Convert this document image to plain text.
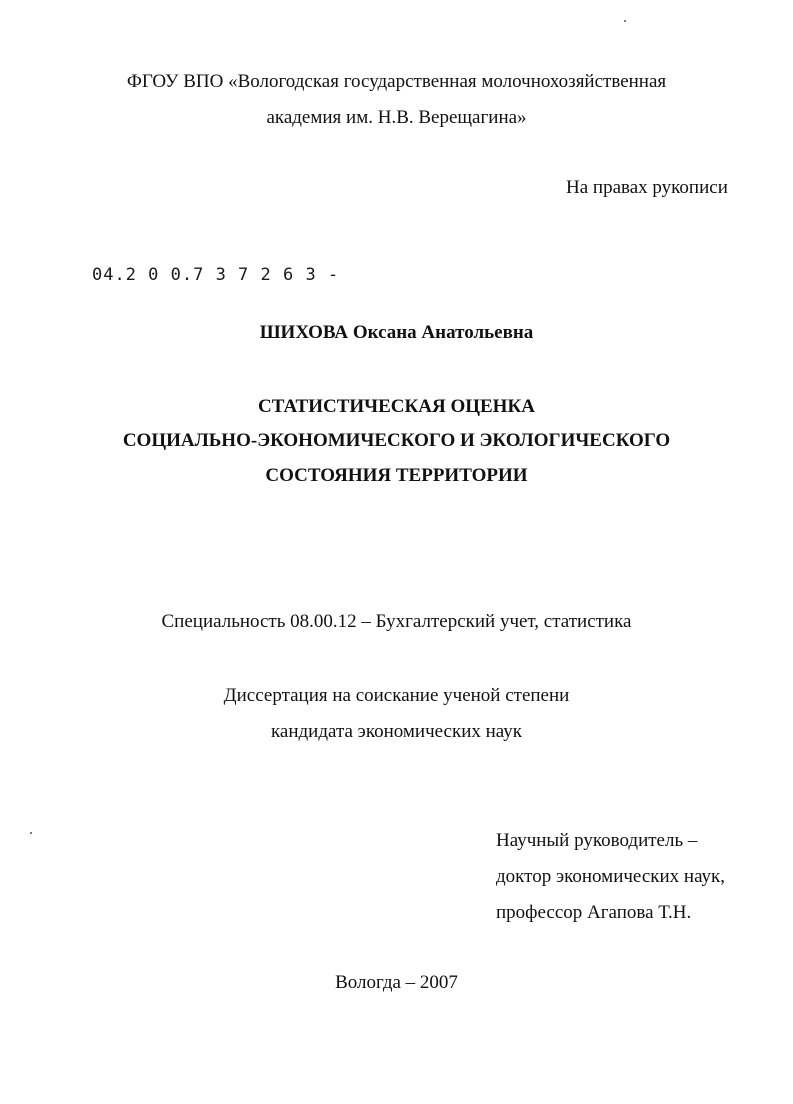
ФГОУ ВПО «Вологодская государственная молочнохозяйственная
академия им. Н.В. Верещагина»
На правах рукописи
04.2 0 0.7 3 7 2 6 3 -
ШИХОВА Оксана Анатольевна
СТАТИСТИЧЕСКАЯ ОЦЕНКА
СОЦИАЛЬНО-ЭКОНОМИЧЕСКОГО И ЭКОЛОГИЧЕСКОГО
СОСТОЯНИЯ ТЕРРИТОРИИ
Специальность 08.00.12 – Бухгалтерский учет, статистика
Диссертация на соискание ученой степени
кандидата экономических наук
Научный руководитель –
доктор экономических наук,
профессор Агапова Т.Н.
Вологда – 2007
